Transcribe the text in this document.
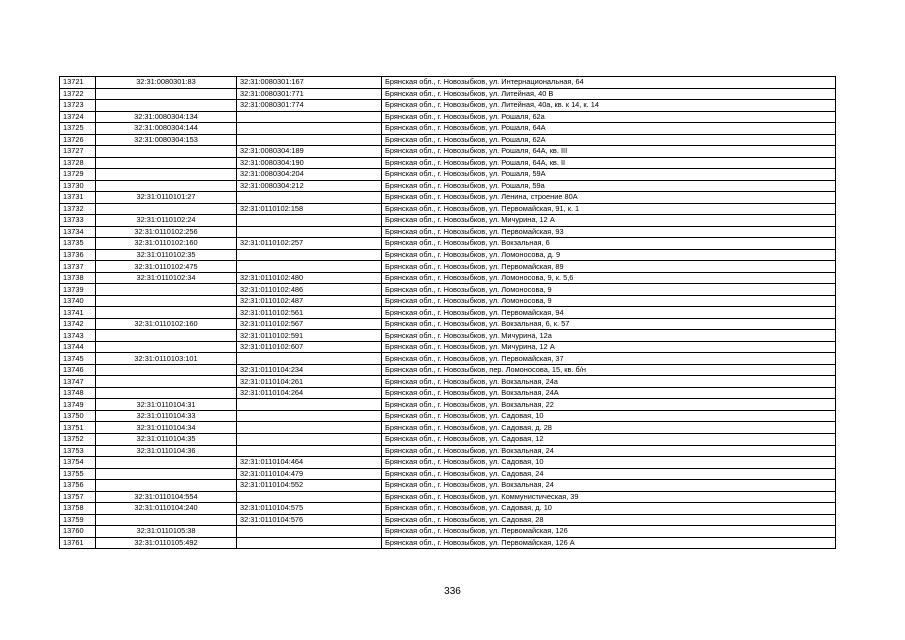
13721	32:31:0080301:83	32:31:0080301:167	Брянская обл., г. Новозыбков, ул. Интернациональная, 64
13722		32:31:0080301:771	Брянская обл., г. Новозыбков, ул. Литейная, 40 В
13723		32:31:0080301:774	Брянская обл., г. Новозыбков, ул. Литейная, 40а, кв. к 14, к. 14
13724	32:31:0080304:134		Брянская обл., г. Новозыбков, ул. Рошаля, 62а
13725	32:31:0080304:144		Брянская обл., г. Новозыбков, ул. Рошаля, 64А
13726	32:31:0080304:153		Брянская обл., г. Новозыбков, ул. Рошаля, 62А
13727		32:31:0080304:189	Брянская обл., г. Новозыбков, ул. Рошаля, 64А, кв. III
13728		32:31:0080304:190	Брянская обл., г. Новозыбков, ул. Рошаля, 64А, кв. II
13729		32:31:0080304:204	Брянская обл., г. Новозыбков, ул. Рошаля, 59А
13730		32:31:0080304:212	Брянская обл., г. Новозыбков, ул. Рошаля, 59а
13731	32:31:0110101:27		Брянская обл., г. Новозыбков, ул. Ленина, строение 80А
13732		32:31:0110102:158	Брянская обл., г. Новозыбков, ул. Первомайская, 91, к. 1
13733	32:31:0110102:24		Брянская обл., г. Новозыбков, ул. Мичурина, 12 А
13734	32:31:0110102:256		Брянская обл., г. Новозыбков, ул. Первомайская, 93
13735	32:31:0110102:160	32:31:0110102:257	Брянская обл., г. Новозыбков, ул. Вокзальная, 6
13736	32:31:0110102:35		Брянская обл., г. Новозыбков, ул. Ломоносова, д. 9
13737	32:31:0110102:475		Брянская обл., г. Новозыбков, ул. Первомайская, 89
13738	32:31:0110102:34	32:31:0110102:480	Брянская обл., г. Новозыбков, ул. Ломоносова, 9, к. 5,6
13739		32:31:0110102:486	Брянская обл., г. Новозыбков, ул. Ломоносова, 9
13740		32:31:0110102:487	Брянская обл., г. Новозыбков, ул. Ломоносова, 9
13741		32:31:0110102:561	Брянская обл., г. Новозыбков, ул. Первомайская, 94
13742	32:31:0110102:160	32:31:0110102:567	Брянская обл., г. Новозыбков, ул. Вокзальная, 6, к. 57
13743		32:31:0110102:591	Брянская обл., г. Новозыбков, ул. Мичурина, 12а
13744		32:31:0110102:607	Брянская обл., г. Новозыбков, ул. Мичурина, 12 А
13745	32:31:0110103:101		Брянская обл., г. Новозыбков, ул. Первомайская, 37
13746		32:31:0110104:234	Брянская обл., г. Новозыбков, пер. Ломоносова, 15, кв. б/н
13747		32:31:0110104:261	Брянская обл., г. Новозыбков, ул. Вокзальная, 24а
13748		32:31:0110104:264	Брянская обл., г. Новозыбков, ул. Вокзальная, 24А
13749	32:31:0110104:31		Брянская обл., г. Новозыбков, ул. Вокзальная, 22
13750	32:31:0110104:33		Брянская обл., г. Новозыбков, ул. Садовая, 10
13751	32:31:0110104:34		Брянская обл., г. Новозыбков, ул. Садовая, д. 28
13752	32:31:0110104:35		Брянская обл., г. Новозыбков, ул. Садовая, 12
13753	32:31:0110104:36		Брянская обл., г. Новозыбков, ул. Вокзальная, 24
13754		32:31:0110104:464	Брянская обл., г. Новозыбков, ул. Садовая, 10
13755		32:31:0110104:479	Брянская обл., г. Новозыбков, ул. Садовая, 24
13756		32:31:0110104:552	Брянская обл., г. Новозыбков, ул. Вокзальная, 24
13757	32:31:0110104:554		Брянская обл., г. Новозыбков, ул. Коммунистическая, 39
13758	32:31:0110104:240	32:31:0110104:575	Брянская обл., г. Новозыбков, ул. Садовая, д. 10
13759		32:31:0110104:576	Брянская обл., г. Новозыбков, ул. Садовая, 28
13760	32:31:0110105:38		Брянская обл., г. Новозыбков, ул. Первомайская, 126
13761	32:31:0110105:492		Брянская обл., г. Новозыбков, ул. Первомайская, 126 А
336
